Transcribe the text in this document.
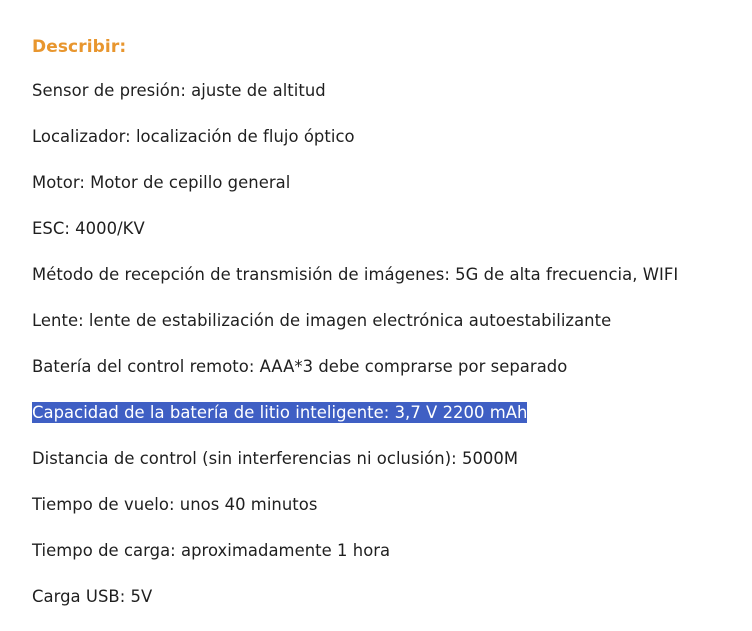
Describir:
Sensor de presión: ajuste de altitud
Localizador: localización de flujo óptico
Motor: Motor de cepillo general
ESC: 4000/KV
Método de recepción de transmisión de imágenes: 5G de alta frecuencia, WIFI
Lente: lente de estabilización de imagen electrónica autoestabilizante
Batería del control remoto: AAA*3 debe comprarse por separado
Capacidad de la batería de litio inteligente: 3,7 V 2200 mAh
Distancia de control (sin interferencias ni oclusión): 5000M
Tiempo de vuelo: unos 40 minutos
Tiempo de carga: aproximadamente 1 hora
Carga USB: 5V
